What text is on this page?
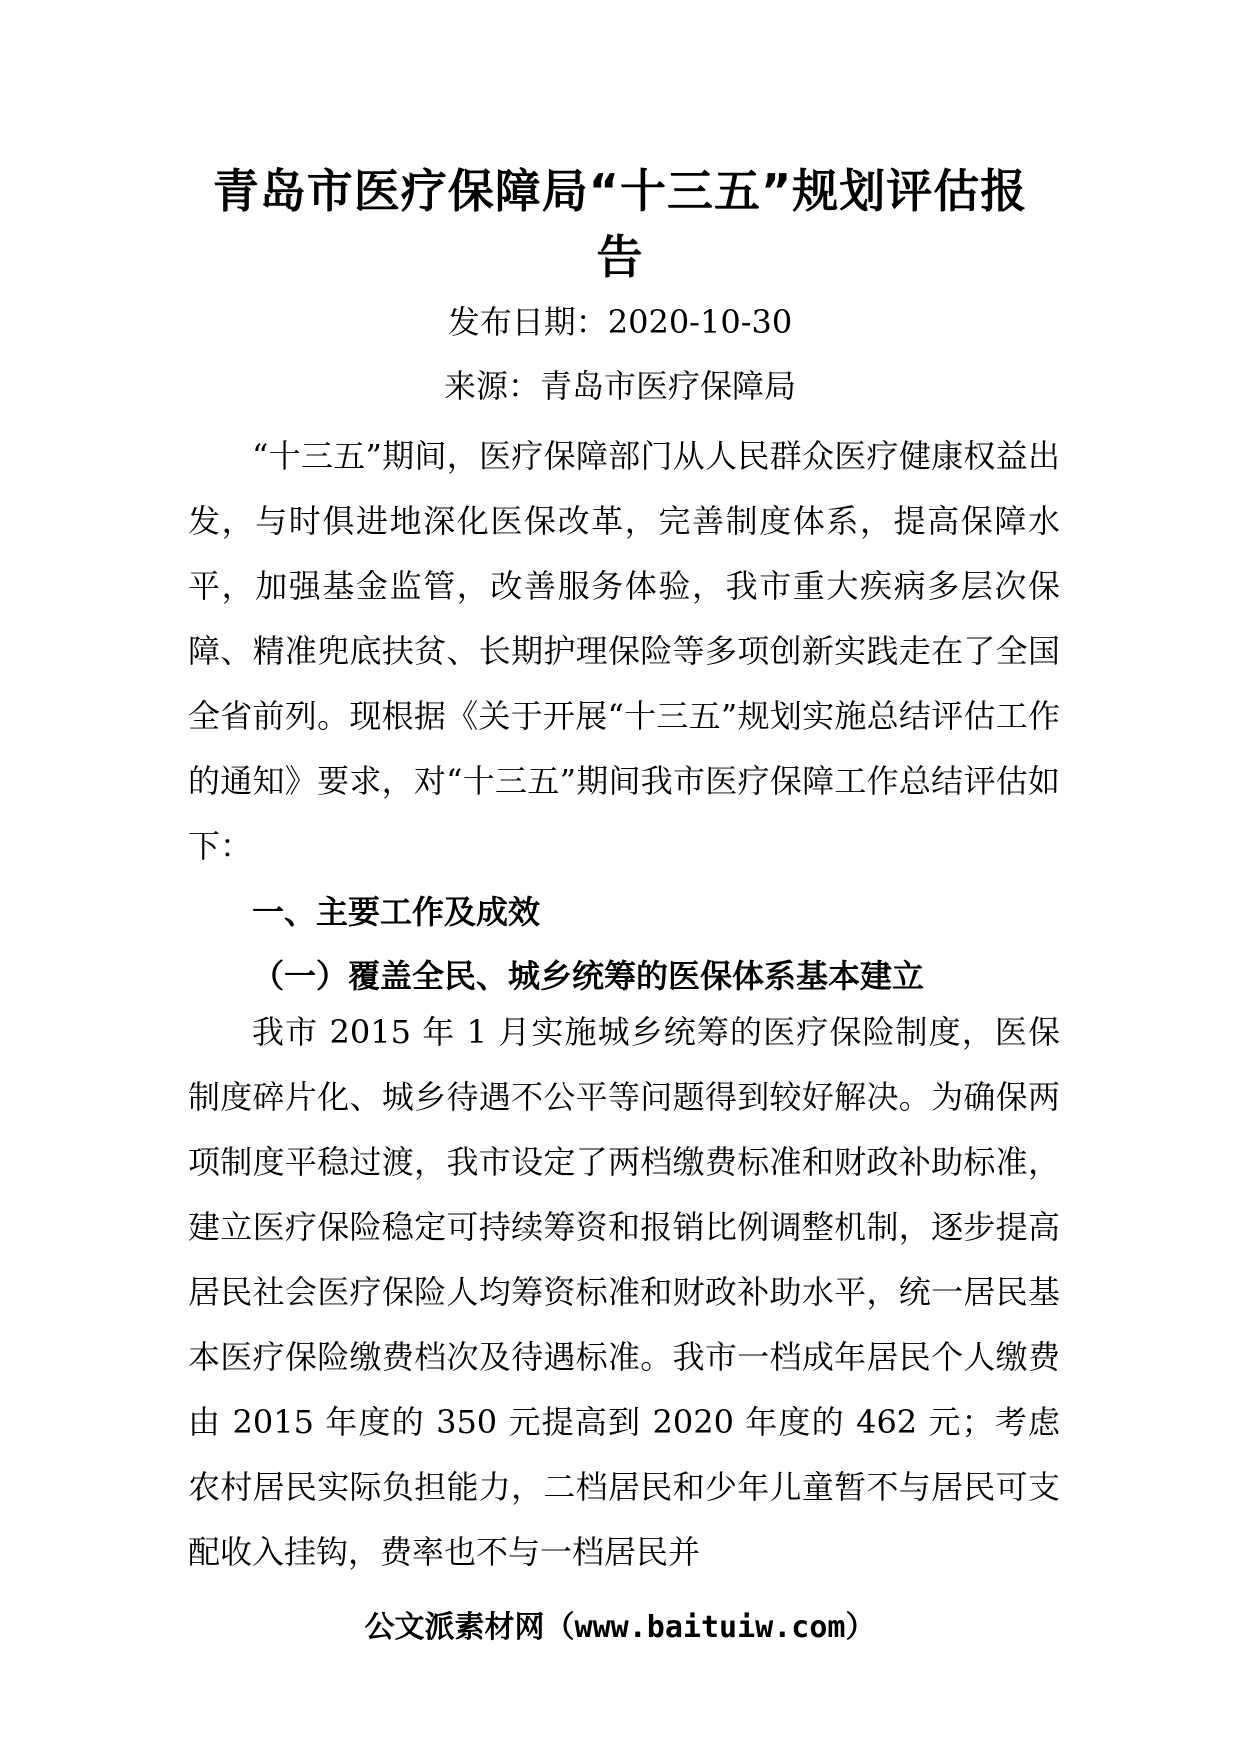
青岛市医疗保障局“十三五”规划评估报告
发布日期：2020-10-30
来源：青岛市医疗保障局

“十三五”期间，医疗保障部门从人民群众医疗健康权益出发，与时俱进地深化医保改革，完善制度体系，提高保障水平，加强基金监管，改善服务体验，我市重大疾病多层次保障、精准兜底扶贫、长期护理保险等多项创新实践走在了全国全省前列。现根据《关于开展“十三五”规划实施总结评估工作的通知》要求，对“十三五”期间我市医疗保障工作总结评估如下：

一、主要工作及成效
（一）覆盖全民、城乡统筹的医保体系基本建立

我市 2015 年 1 月实施城乡统筹的医疗保险制度，医保制度碎片化、城乡待遇不公平等问题得到较好解决。为确保两项制度平稳过渡，我市设定了两档缴费标准和财政补助标准，建立医疗保险稳定可持续筹资和报销比例调整机制，逐步提高居民社会医疗保险人均筹资标准和财政补助水平，统一居民基本医疗保险缴费档次及待遇标准。我市一档成年居民个人缴费由 2015 年度的 350 元提高到 2020 年度的 462 元；考虑农村居民实际负担能力，二档居民和少年儿童暂不与居民可支配收入挂钩，费率也不与一档居民并

公文派素材网（www.baituiw.com）
